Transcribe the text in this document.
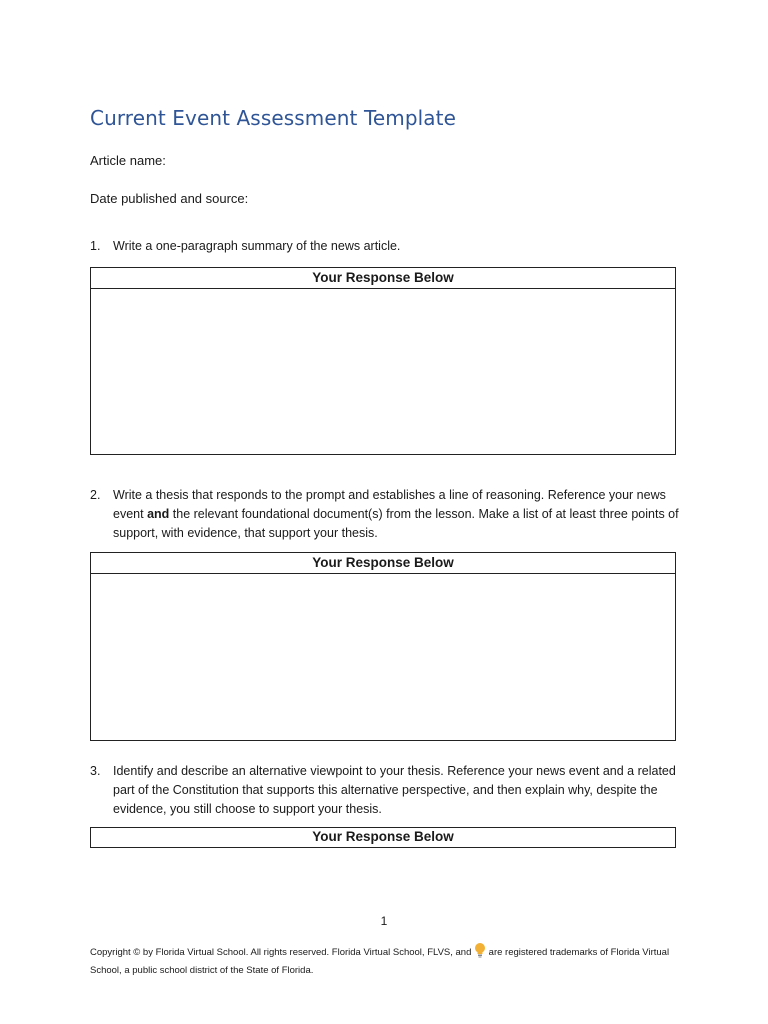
Current Event Assessment Template
Article name:
Date published and source:
1. Write a one-paragraph summary of the news article.
Your Response Below
2. Write a thesis that responds to the prompt and establishes a line of reasoning. Reference your news event and the relevant foundational document(s) from the lesson. Make a list of at least three points of support, with evidence, that support your thesis.
Your Response Below
3. Identify and describe an alternative viewpoint to your thesis. Reference your news event and a related part of the Constitution that supports this alternative perspective, and then explain why, despite the evidence, you still choose to support your thesis.
Your Response Below
1
Copyright © by Florida Virtual School. All rights reserved. Florida Virtual School, FLVS, and  are registered trademarks of Florida Virtual School, a public school district of the State of Florida.
